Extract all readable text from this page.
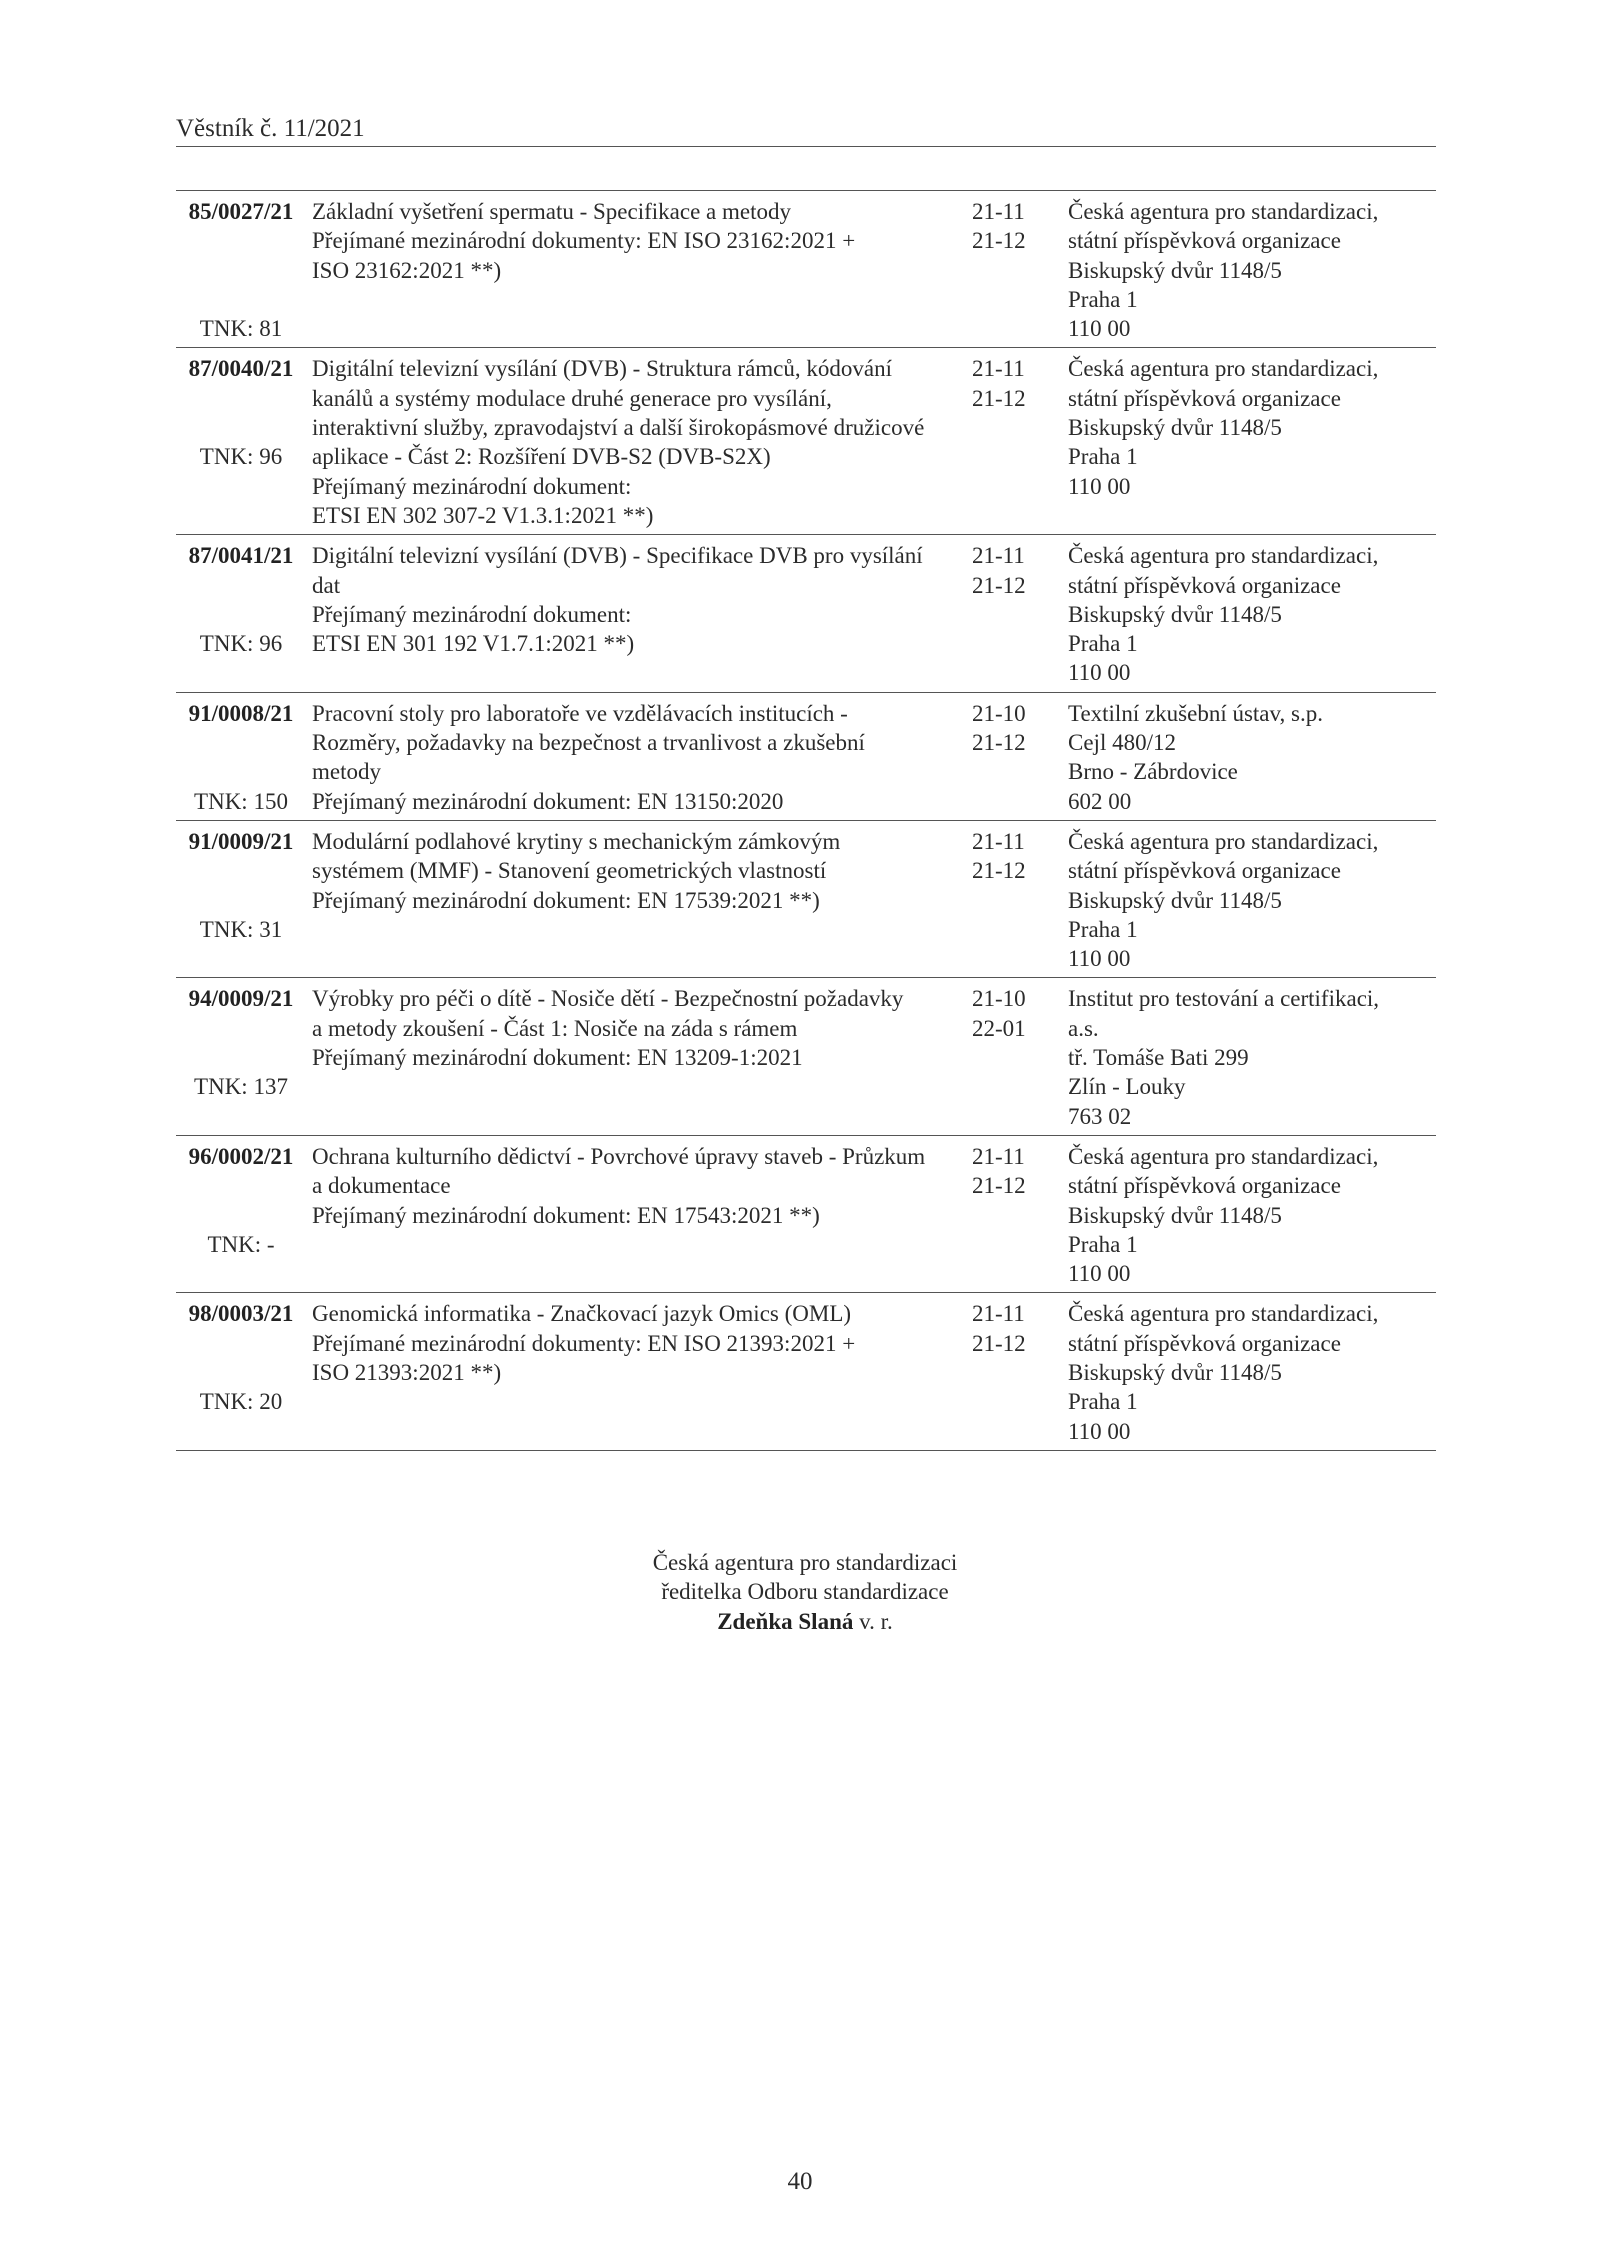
Věstník č. 11/2021
85/0027/21

TNK: 81
Základní vyšetření spermatu - Specifikace a metody
Přejímané mezinárodní dokumenty: EN ISO 23162:2021 +
ISO 23162:2021 **)
21-11
21-12
Česká agentura pro standardizaci,
státní příspěvková organizace
Biskupský dvůr 1148/5
Praha 1
110 00
87/0040/21

TNK: 96
Digitální televizní vysílání (DVB) - Struktura rámců, kódování
kanálů a systémy modulace druhé generace pro vysílání,
interaktivní služby, zpravodajství a další širokopásmové družicové
aplikace - Část 2: Rozšíření DVB-S2 (DVB-S2X)
Přejímaný mezinárodní dokument:
ETSI EN 302 307-2 V1.3.1:2021 **)
21-11
21-12
Česká agentura pro standardizaci,
státní příspěvková organizace
Biskupský dvůr 1148/5
Praha 1
110 00
87/0041/21

TNK: 96
Digitální televizní vysílání (DVB) - Specifikace DVB pro vysílání
dat
Přejímaný mezinárodní dokument:
ETSI EN 301 192 V1.7.1:2021 **)
21-11
21-12
Česká agentura pro standardizaci,
státní příspěvková organizace
Biskupský dvůr 1148/5
Praha 1
110 00
91/0008/21

TNK: 150
Pracovní stoly pro laboratoře ve vzdělávacích institucích -
Rozměry, požadavky na bezpečnost a trvanlivost a zkušební
metody
Přejímaný mezinárodní dokument: EN 13150:2020
21-10
21-12
Textilní zkušební ústav, s.p.
Cejl 480/12
Brno - Zábrdovice
602 00
91/0009/21

TNK: 31
Modulární podlahové krytiny s mechanickým zámkovým
systémem (MMF) - Stanovení geometrických vlastností
Přejímaný mezinárodní dokument: EN 17539:2021 **)
21-11
21-12
Česká agentura pro standardizaci,
státní příspěvková organizace
Biskupský dvůr 1148/5
Praha 1
110 00
94/0009/21

TNK: 137
Výrobky pro péči o dítě - Nosiče dětí - Bezpečnostní požadavky
a metody zkoušení - Část 1: Nosiče na záda s rámem
Přejímaný mezinárodní dokument: EN 13209-1:2021
21-10
22-01
Institut pro testování a certifikaci,
a.s.
tř. Tomáše Bati 299
Zlín - Louky
763 02
96/0002/21

TNK: -
Ochrana kulturního dědictví - Povrchové úpravy staveb - Průzkum
a dokumentace
Přejímaný mezinárodní dokument: EN 17543:2021 **)
21-11
21-12
Česká agentura pro standardizaci,
státní příspěvková organizace
Biskupský dvůr 1148/5
Praha 1
110 00
98/0003/21

TNK: 20
Genomická informatika - Značkovací jazyk Omics (OML)
Přejímané mezinárodní dokumenty: EN ISO 21393:2021 +
ISO 21393:2021 **)
21-11
21-12
Česká agentura pro standardizaci,
státní příspěvková organizace
Biskupský dvůr 1148/5
Praha 1
110 00
Česká agentura pro standardizaci
ředitelka Odboru standardizace
Zdeňka Slaná v. r.
40
